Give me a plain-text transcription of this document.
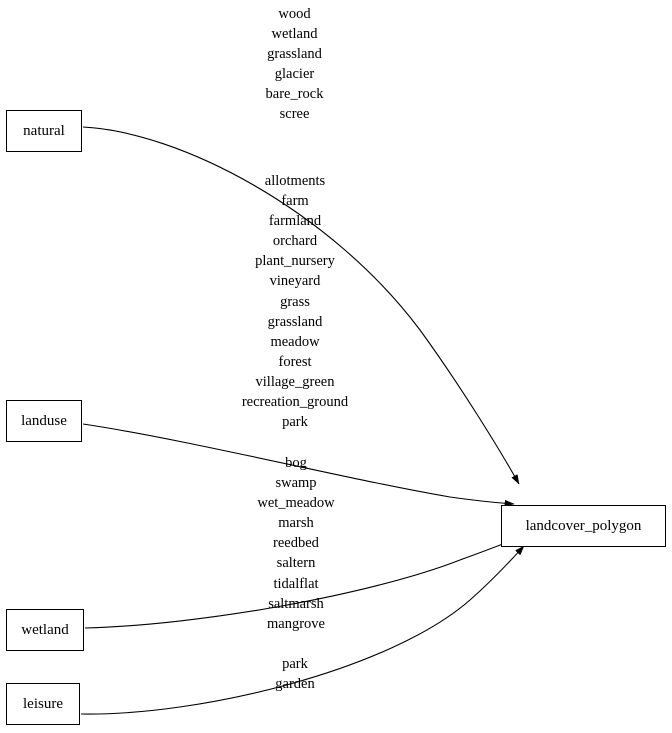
natural
landuse
wetland
leisure
landcover_polygon
wood
wetland
grassland
glacier
bare_rock
scree
allotments
farm
farmland
orchard
plant_nursery
vineyard
grass
grassland
meadow
forest
village_green
recreation_ground
park
bog
swamp
wet_meadow
marsh
reedbed
saltern
tidalflat
saltmarsh
mangrove
park
garden
